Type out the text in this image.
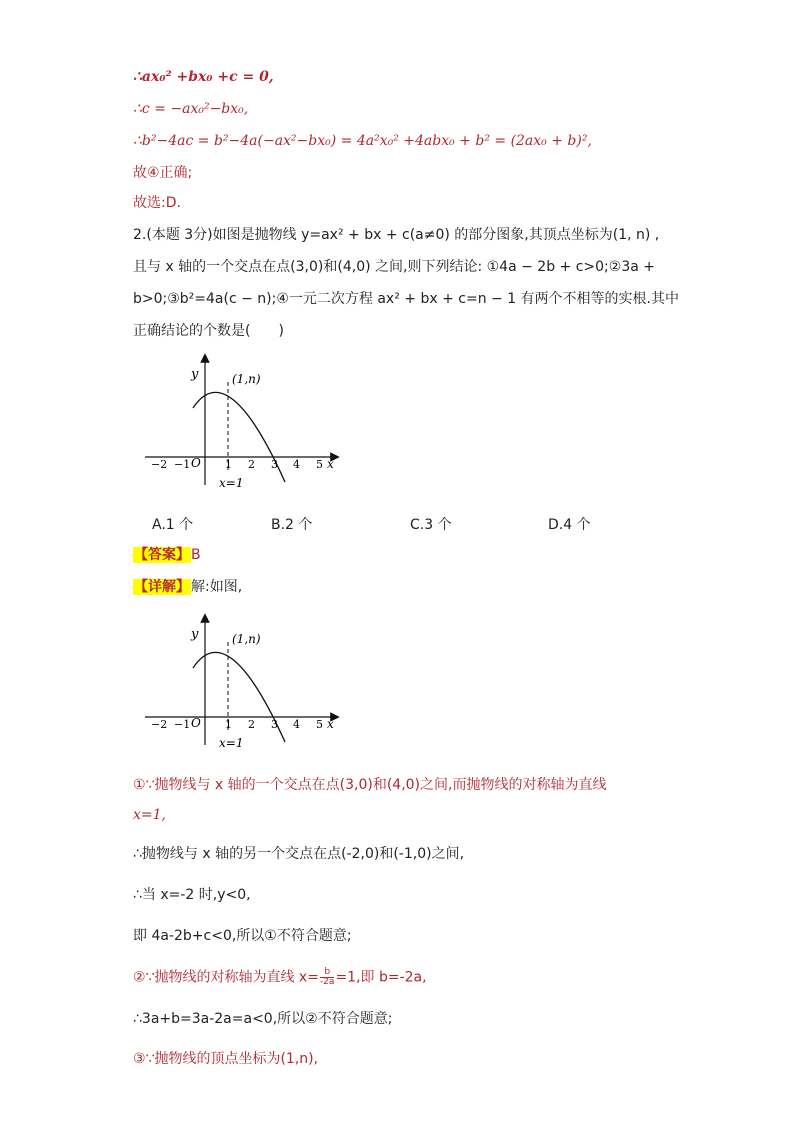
∴ax₀² +bx₀ +c = 0,
∴c = −ax₀²−bx₀,
∴b²−4ac = b²−4a(−ax²−bx₀) = 4a²x₀² +4abx₀ + b² = (2ax₀ + b)²,
故④正确;
故选:D.
2.(本题 3分)如图是抛物线 y=ax² + bx + c(a≠0) 的部分图象,其顶点坐标为(1, n) ,
且与 x 轴的一个交点在点(3,0)和(4,0) 之间,则下列结论: ①4a − 2b + c>0;②3a +
b>0;③b²=4a(c − n);④一元二次方程 ax² + bx + c=n − 1 有两个不相等的实根.其中
正确结论的个数是(　　)
y	(1,n)
O	x
−2 −1	1 2 3 4 5
x=1
A.1 个	B.2 个	C.3 个	D.4 个
【答案】B
【详解】解:如图,
y	(1,n)
O	x
−2 −1	1 2 3 4 5
x=1
①∵抛物线与 x 轴的一个交点在点(3,0)和(4,0)之间,而抛物线的对称轴为直线
x=1,
∴抛物线与 x 轴的另一个交点在点(-2,0)和(-1,0)之间,
∴当 x=-2 时,y<0,
即 4a-2b+c<0,所以①不符合题意;
②∵抛物线的对称轴为直线 $x= \frac{b}{-2a} =1$,即 b=-2a,
∴3a+b=3a-2a=a<0,所以②不符合题意;
③∵抛物线的顶点坐标为(1,n),
